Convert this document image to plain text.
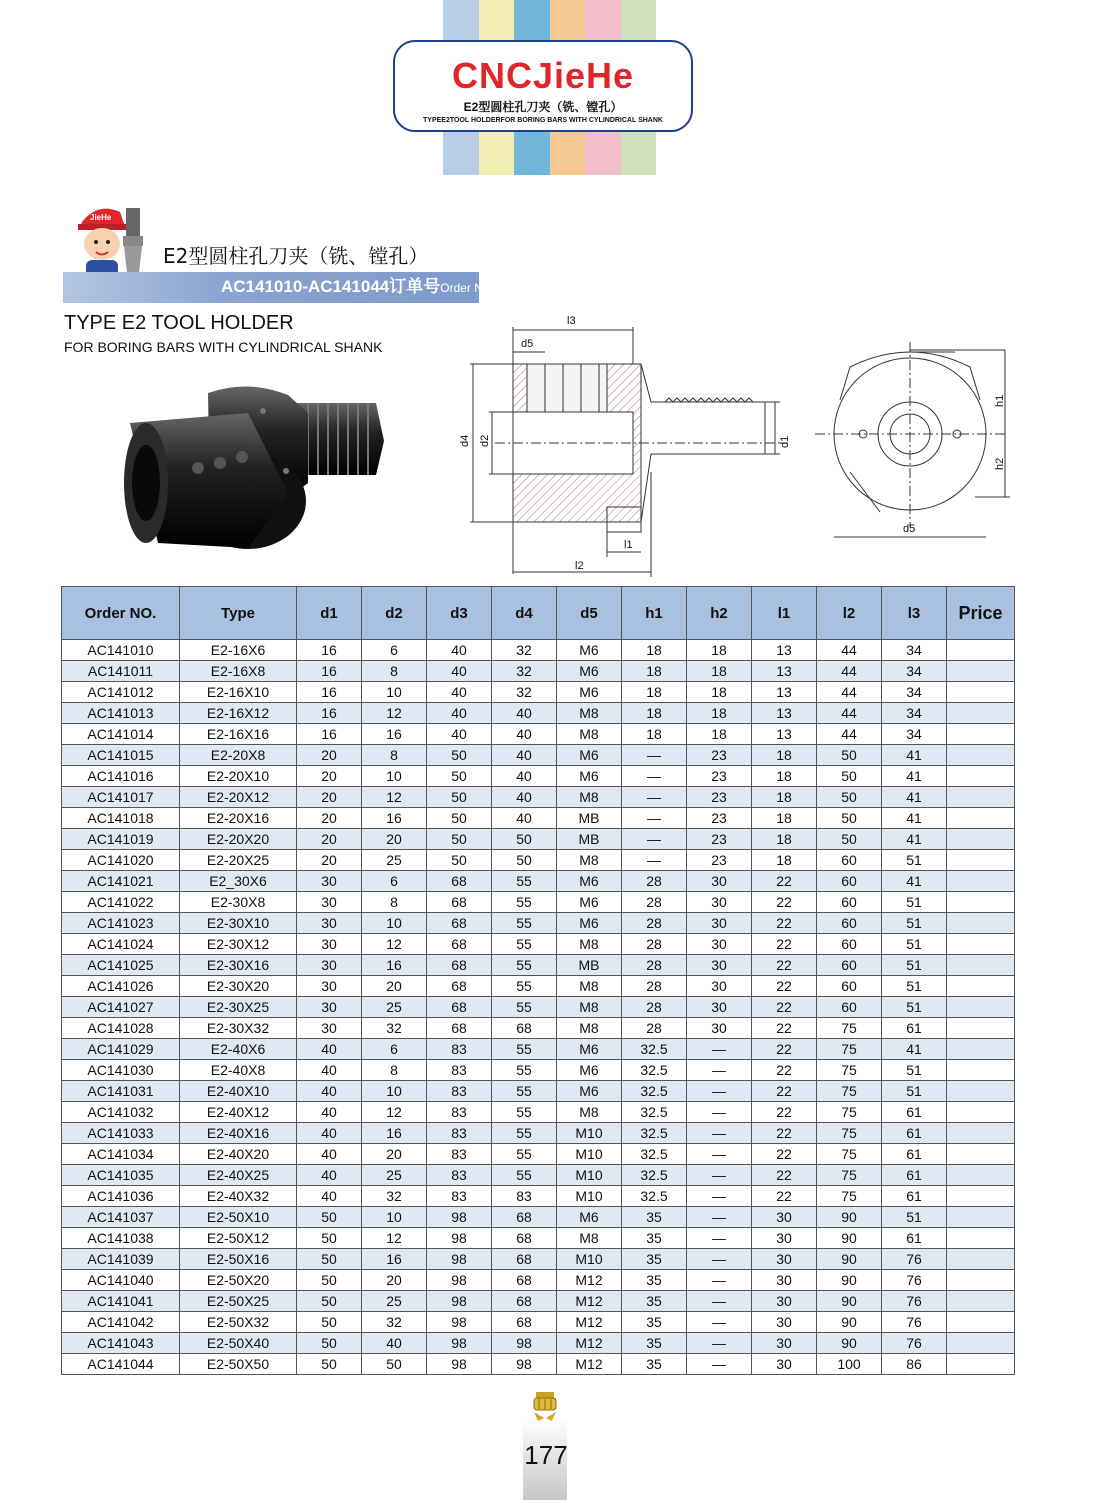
CNCJieHe
E2型圆柱孔刀夹（铣、镗孔）
TYPEE2TOOL HOLDERFOR BORING BARS WITH CYLINDRICAL SHANK
JieHe
E2型圆柱孔刀夹（铣、镗孔）
AC141010-AC141044订单号Order NO.
TYPE E2 TOOL HOLDER
FOR BORING BARS WITH CYLINDRICAL SHANK
l3
d5
d4 d2	d1
l1
l2
h1
h2
d5
Order NO.	Type	d1	d2	d3	d4	d5	h1	h2	l1	l2	l3	Price
AC141010	E2-16X6	16	6	40	32	M6	18	18	13	44	34	
AC141011	E2-16X8	16	8	40	32	M6	18	18	13	44	34	
AC141012	E2-16X10	16	10	40	32	M6	18	18	13	44	34	
AC141013	E2-16X12	16	12	40	40	M8	18	18	13	44	34	
AC141014	E2-16X16	16	16	40	40	M8	18	18	13	44	34	
AC141015	E2-20X8	20	8	50	40	M6	—	23	18	50	41	
AC141016	E2-20X10	20	10	50	40	M6	—	23	18	50	41	
AC141017	E2-20X12	20	12	50	40	M8	—	23	18	50	41	
AC141018	E2-20X16	20	16	50	40	MB	—	23	18	50	41	
AC141019	E2-20X20	20	20	50	50	MB	—	23	18	50	41	
AC141020	E2-20X25	20	25	50	50	M8	—	23	18	60	51	
AC141021	E2_30X6	30	6	68	55	M6	28	30	22	60	41	
AC141022	E2-30X8	30	8	68	55	M6	28	30	22	60	51	
AC141023	E2-30X10	30	10	68	55	M6	28	30	22	60	51	
AC141024	E2-30X12	30	12	68	55	M8	28	30	22	60	51	
AC141025	E2-30X16	30	16	68	55	MB	28	30	22	60	51	
AC141026	E2-30X20	30	20	68	55	M8	28	30	22	60	51	
AC141027	E2-30X25	30	25	68	55	M8	28	30	22	60	51	
AC141028	E2-30X32	30	32	68	68	M8	28	30	22	75	61	
AC141029	E2-40X6	40	6	83	55	M6	32.5	—	22	75	41	
AC141030	E2-40X8	40	8	83	55	M6	32.5	—	22	75	51	
AC141031	E2-40X10	40	10	83	55	M6	32.5	—	22	75	51	
AC141032	E2-40X12	40	12	83	55	M8	32.5	—	22	75	61	
AC141033	E2-40X16	40	16	83	55	M10	32.5	—	22	75	61	
AC141034	E2-40X20	40	20	83	55	M10	32.5	—	22	75	61	
AC141035	E2-40X25	40	25	83	55	M10	32.5	—	22	75	61	
AC141036	E2-40X32	40	32	83	83	M10	32.5	—	22	75	61	
AC141037	E2-50X10	50	10	98	68	M6	35	—	30	90	51	
AC141038	E2-50X12	50	12	98	68	M8	35	—	30	90	61	
AC141039	E2-50X16	50	16	98	68	M10	35	—	30	90	76	
AC141040	E2-50X20	50	20	98	68	M12	35	—	30	90	76	
AC141041	E2-50X25	50	25	98	68	M12	35	—	30	90	76	
AC141042	E2-50X32	50	32	98	68	M12	35	—	30	90	76	
AC141043	E2-50X40	50	40	98	98	M12	35	—	30	90	76	
AC141044	E2-50X50	50	50	98	98	M12	35	—	30	100	86	
177
